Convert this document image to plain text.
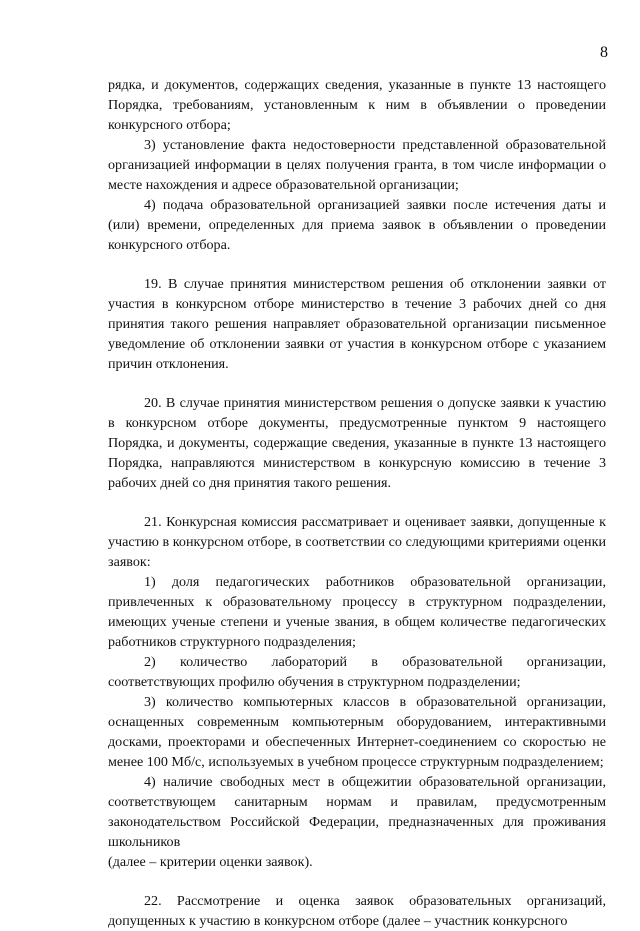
8

рядка, и документов, содержащих сведения, указанные в пункте 13 настоящего Порядка, требованиям, установленным к ним в объявлении о проведении конкурсного отбора;

3) установление факта недостоверности представленной образовательной организацией информации в целях получения гранта, в том числе информации о месте нахождения и адресе образовательной организации;

4) подача образовательной организацией заявки после истечения даты и (или) времени, определенных для приема заявок в объявлении о проведении конкурсного отбора.

19. В случае принятия министерством решения об отклонении заявки от участия в конкурсном отборе министерство в течение 3 рабочих дней со дня принятия такого решения направляет образовательной организации письменное уведомление об отклонении заявки от участия в конкурсном отборе с указанием причин отклонения.

20. В случае принятия министерством решения о допуске заявки к участию в конкурсном отборе документы, предусмотренные пунктом 9 настоящего Порядка, и документы, содержащие сведения, указанные в пункте 13 настоящего Порядка, направляются министерством в конкурсную комиссию в течение 3 рабочих дней со дня принятия такого решения.

21. Конкурсная комиссия рассматривает и оценивает заявки, допущенные к участию в конкурсном отборе, в соответствии со следующими критериями оценки заявок:

1) доля педагогических работников образовательной организации, привлеченных к образовательному процессу в структурном подразделении, имеющих ученые степени и ученые звания, в общем количестве педагогических работников структурного подразделения;

2) количество лабораторий в образовательной организации, соответствующих профилю обучения в структурном подразделении;

3) количество компьютерных классов в образовательной организации, оснащенных современным компьютерным оборудованием, интерактивными досками, проекторами и обеспеченных Интернет-соединением со скоростью не менее 100 Мб/с, используемых в учебном процессе структурным подразделением;

4) наличие свободных мест в общежитии образовательной организации, соответствующем санитарным нормам и правилам, предусмотренным законодательством Российской Федерации, предназначенных для проживания школьников

(далее – критерии оценки заявок).

22. Рассмотрение и оценка заявок образовательных организаций, допущенных к участию в конкурсном отборе (далее – участник конкурсного
